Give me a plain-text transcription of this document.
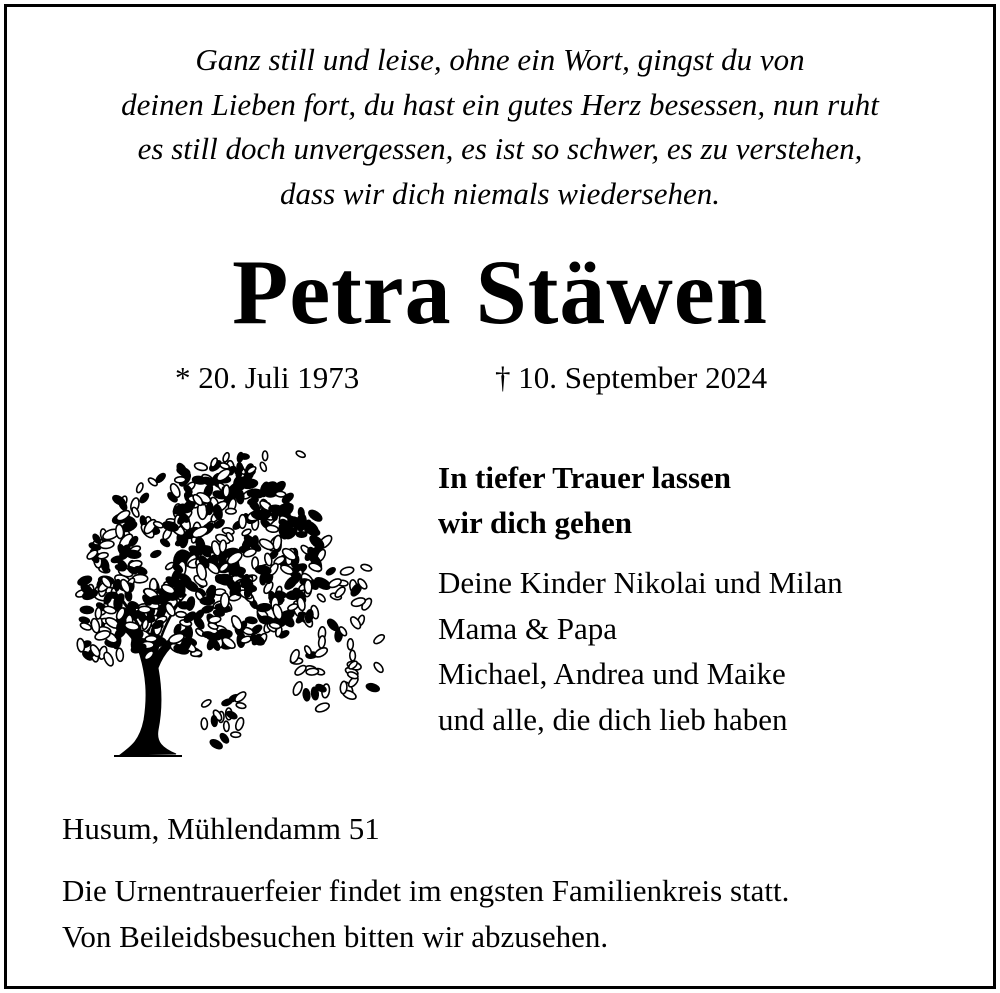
Ganz still und leise, ohne ein Wort, gingst du von
deinen Lieben fort, du hast ein gutes Herz besessen, nun ruht
es still doch unvergessen, es ist so schwer, es zu verstehen,
dass wir dich niemals wiedersehen.
Petra Stäwen
* 20. Juli 1973	† 10. September 2024
In tiefer Trauer lassen
wir dich gehen
Deine Kinder Nikolai und Milan
Mama & Papa
Michael, Andrea und Maike
und alle, die dich lieb haben
Husum, Mühlendamm 51
Die Urnentrauerfeier findet im engsten Familienkreis statt.
Von Beileidsbesuchen bitten wir abzusehen.
